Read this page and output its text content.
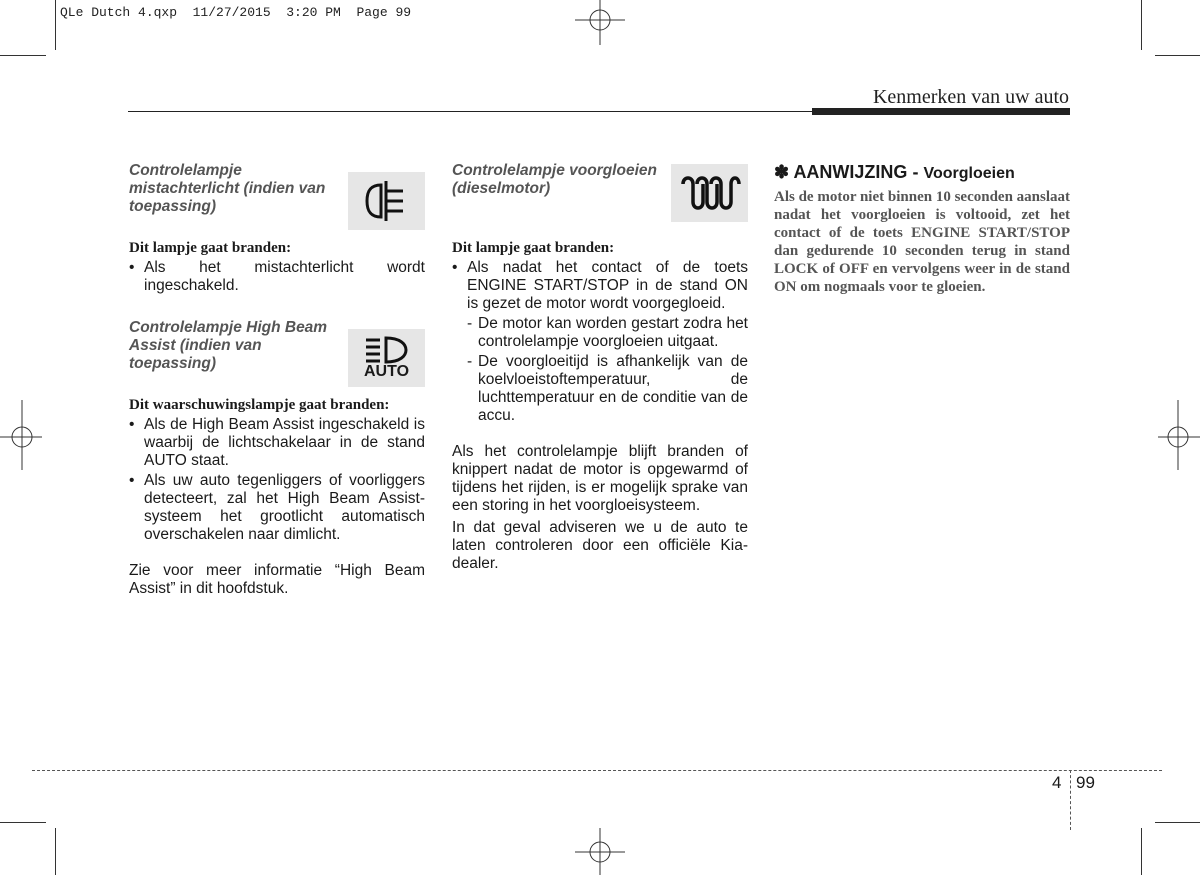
QLe Dutch 4.qxp  11/27/2015  3:20 PM  Page 99
Kenmerken van uw auto
Controlelampje mistachterlicht (indien van toepassing)
Dit lampje gaat branden:
• Als het mistachterlicht wordt ingeschakeld.
Controlelampje High Beam Assist (indien van toepassing)	AUTO
Dit waarschuwingslampje gaat branden:
• Als de High Beam Assist ingeschakeld is waarbij de lichtschakelaar in de stand AUTO staat.
• Als uw auto tegenliggers of voorliggers detecteert, zal het High Beam Assist-systeem het grootlicht automatisch overschakelen naar dimlicht.

Zie voor meer informatie “High Beam Assist” in dit hoofdstuk.

Controlelampje voorgloeien (dieselmotor)
Dit lampje gaat branden:
• Als nadat het contact of de toets ENGINE START/STOP in de stand ON is gezet de motor wordt voorgegloeid.
- De motor kan worden gestart zodra het controlelampje voorgloeien uitgaat.
- De voorgloeitijd is afhankelijk van de koelvloeistoftemperatuur, de luchttemperatuur en de conditie van de accu.

Als het controlelampje blijft branden of knippert nadat de motor is opgewarmd of tijdens het rijden, is er mogelijk sprake van een storing in het voorgloeisysteem.

In dat geval adviseren we u de auto te laten controleren door een officiële Kia-dealer.

✽ AANWIJZING - Voorgloeien
Als de motor niet binnen 10 seconden aanslaat nadat het voorgloeien is voltooid, zet het contact of de toets ENGINE START/STOP dan gedurende 10 seconden terug in stand LOCK of OFF en vervolgens weer in de stand ON om nogmaals voor te gloeien.
4 99
